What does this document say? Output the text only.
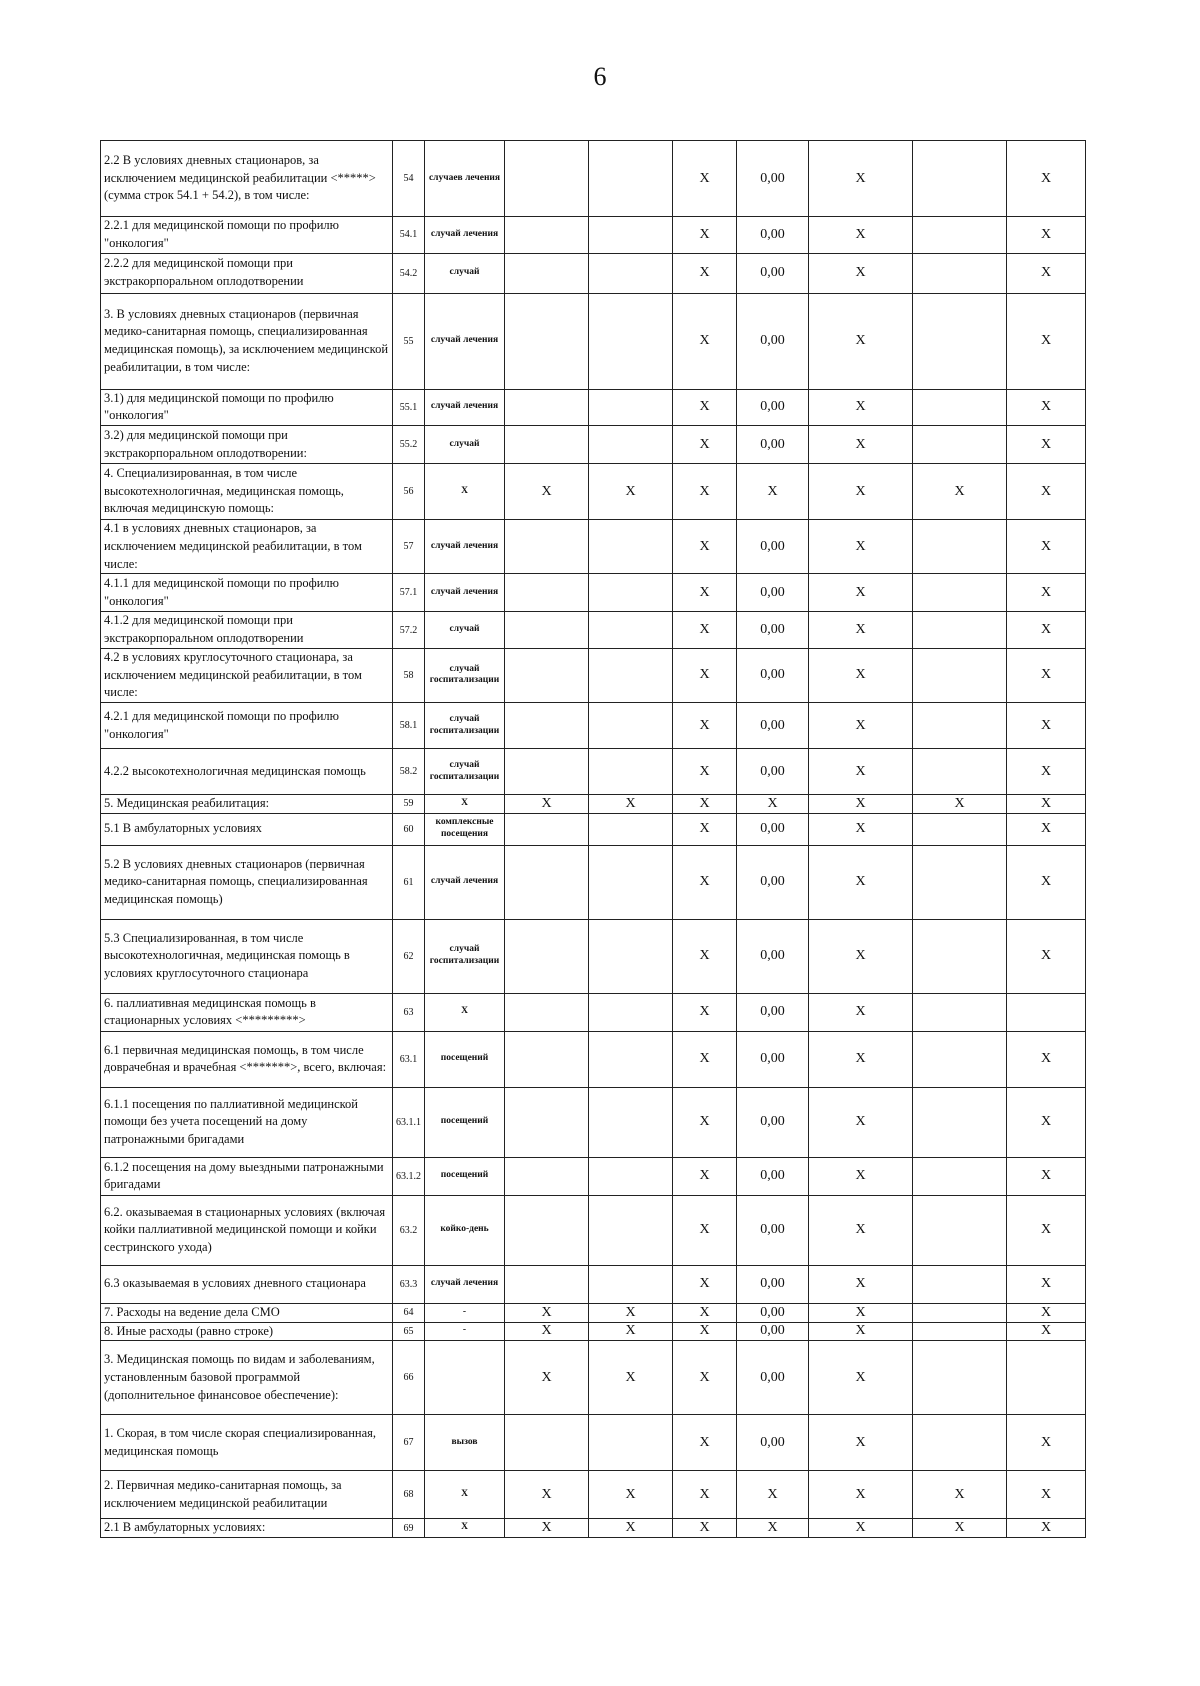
6
2.2 В условиях дневных стационаров, за исключением медицинской реабилитации <*****> (сумма строк 54.1 + 54.2), в том числе:	54	случаев лечения			X	0,00	X		X
2.2.1 для медицинской помощи по профилю "онкология"	54.1	случай лечения			X	0,00	X		X
2.2.2 для медицинской помощи при экстракорпоральном оплодотворении	54.2	случай			X	0,00	X		X
3. В условиях дневных стационаров (первичная медико-санитарная помощь, специализированная медицинская помощь), за исключением медицинской реабилитации, в том числе:	55	случай лечения			X	0,00	X		X
3.1) для медицинской помощи по профилю "онкология"	55.1	случай лечения			X	0,00	X		X
3.2) для медицинской помощи при экстракорпоральном оплодотворении:	55.2	случай			X	0,00	X		X
4. Специализированная, в том числе высокотехнологичная, медицинская помощь, включая медицинскую помощь:	56	X	X	X	X	X	X	X	X
4.1 в условиях дневных стационаров, за исключением медицинской реабилитации, в том числе:	57	случай лечения			X	0,00	X		X
4.1.1 для медицинской помощи по профилю "онкология"	57.1	случай лечения			X	0,00	X		X
4.1.2 для медицинской помощи при экстракорпоральном оплодотворении	57.2	случай			X	0,00	X		X
4.2 в условиях круглосуточного стационара, за исключением медицинской реабилитации, в том числе:	58	случай госпитализации			X	0,00	X		X
4.2.1 для медицинской помощи по профилю "онкология"	58.1	случай госпитализации			X	0,00	X		X
4.2.2 высокотехнологичная медицинская помощь	58.2	случай госпитализации			X	0,00	X		X
5. Медицинская реабилитация:	59	X	X	X	X	X	X	X	X
5.1 В амбулаторных условиях	60	комплексные посещения			X	0,00	X		X
5.2 В условиях дневных стационаров (первичная медико-санитарная помощь, специализированная медицинская помощь)	61	случай лечения			X	0,00	X		X
5.3 Специализированная, в том числе высокотехнологичная, медицинская помощь в условиях круглосуточного стационара	62	случай госпитализации			X	0,00	X		X
6. паллиативная медицинская помощь в стационарных условиях <*********>	63	X			X	0,00	X		
6.1 первичная медицинская помощь, в том числе доврачебная и врачебная <*******>, всего, включая:	63.1	посещений			X	0,00	X		X
6.1.1 посещения по паллиативной медицинской помощи без учета посещений на дому патронажными бригадами	63.1.1	посещений			X	0,00	X		X
6.1.2 посещения на дому выездными патронажными бригадами	63.1.2	посещений			X	0,00	X		X
6.2. оказываемая в стационарных условиях (включая койки паллиативной медицинской помощи и койки сестринского ухода)	63.2	койко-день			X	0,00	X		X
6.3 оказываемая в условиях дневного стационара	63.3	случай лечения			X	0,00	X		X
7. Расходы на ведение дела СМО	64	-	X	X	X	0,00	X		X
8. Иные расходы (равно строке)	65	-	X	X	X	0,00	X		X
3. Медицинская помощь по видам и заболеваниям, установленным базовой программой (дополнительное финансовое обеспечение):	66		X	X	X	0,00	X		
1. Скорая, в том числе скорая специализированная, медицинская помощь	67	вызов			X	0,00	X		X
2. Первичная медико-санитарная помощь, за исключением медицинской реабилитации	68	X	X	X	X	X	X	X	X
2.1 В амбулаторных условиях:	69	X	X	X	X	X	X	X	X
